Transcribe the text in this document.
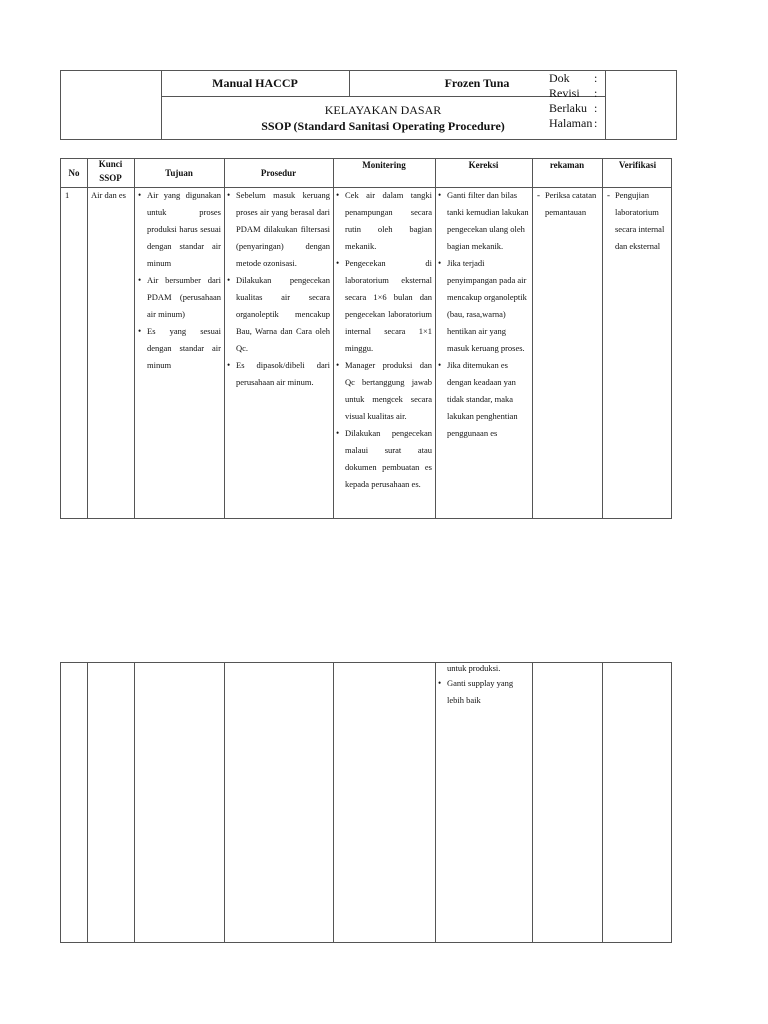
Manual HACCP	Frozen Tuna
KELAYAKAN DASAR
SSOP (Standard Sanitasi Operating Procedure)
Dok :
Revisi :
Berlaku :
Halaman :
No
Kunci SSOP	Tujuan	Prosedur
Monitering	Kereksi	rekaman	Verifikasi
1	Air dan es
•	Air yang digunakan untuk proses produksi harus sesuai dengan standar air minum
• Air bersumber dari PDAM (perusahaan air minum)
• Es yang sesuai dengan standar air minum
• Sebelum masuk keruang proses air yang berasal dari PDAM dilakukan filtersasi (penyaringan) dengan metode ozonisasi.
• Dilakukan pengecekan kualitas air secara organoleptik mencakup Bau, Warna dan Cara oleh Qc.
• Es dipasok/dibeli dari perusahaan air minum.
• Cek air dalam tangki penampungan secara rutin oleh bagian mekanik.
• Pengecekan di laboratorium eksternal secara 1×6 bulan dan pengecekan laboratorium internal secara 1×1 minggu.
• Manager produksi dan Qc bertanggung jawab untuk mengcek secara visual kualitas air.
• Dilakukan pengecekan malaui surat atau dokumen pembuatan es kepada perusahaan es.
• Ganti filter dan bilas tanki kemudian lakukan pengecekan ulang oleh bagian mekanik.
• Jika terjadi penyimpangan pada air mencakup organoleptik (bau, rasa,warna) hentikan air yang masuk keruang proses.
• Jika ditemukan es dengan keadaan yan tidak standar, maka lakukan penghentian penggunaan es
- Periksa catatan pemantauan
- Pengujian laboratorium secara internal dan eksternal
untuk produksi.
• Ganti supplay yang lebih baik
